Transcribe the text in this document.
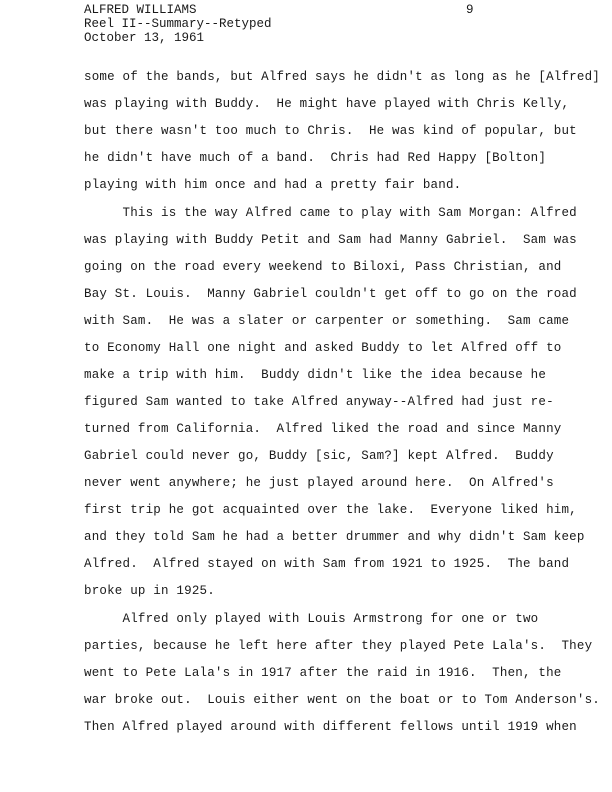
ALFRED WILLIAMS	9
Reel II--Summary--Retyped
October 13, 1961
some of the bands, but Alfred says he didn't as long as he [Alfred]
was playing with Buddy.  He might have played with Chris Kelly,
but there wasn't too much to Chris.  He was kind of popular, but
he didn't have much of a band.  Chris had Red Happy [Bolton]
playing with him once and had a pretty fair band.
This is the way Alfred came to play with Sam Morgan: Alfred
was playing with Buddy Petit and Sam had Manny Gabriel.  Sam was
going on the road every weekend to Biloxi, Pass Christian, and
Bay St. Louis.  Manny Gabriel couldn't get off to go on the road
with Sam.  He was a slater or carpenter or something.  Sam came
to Economy Hall one night and asked Buddy to let Alfred off to
make a trip with him.  Buddy didn't like the idea because he
figured Sam wanted to take Alfred anyway--Alfred had just re-
turned from California.  Alfred liked the road and since Manny
Gabriel could never go, Buddy [sic, Sam?] kept Alfred.  Buddy
never went anywhere; he just played around here.  On Alfred's
first trip he got acquainted over the lake.  Everyone liked him,
and they told Sam he had a better drummer and why didn't Sam keep
Alfred.  Alfred stayed on with Sam from 1921 to 1925.  The band
broke up in 1925.
Alfred only played with Louis Armstrong for one or two
parties, because he left here after they played Pete Lala's.  They
went to Pete Lala's in 1917 after the raid in 1916.  Then, the
war broke out.  Louis either went on the boat or to Tom Anderson's.
Then Alfred played around with different fellows until 1919 when
